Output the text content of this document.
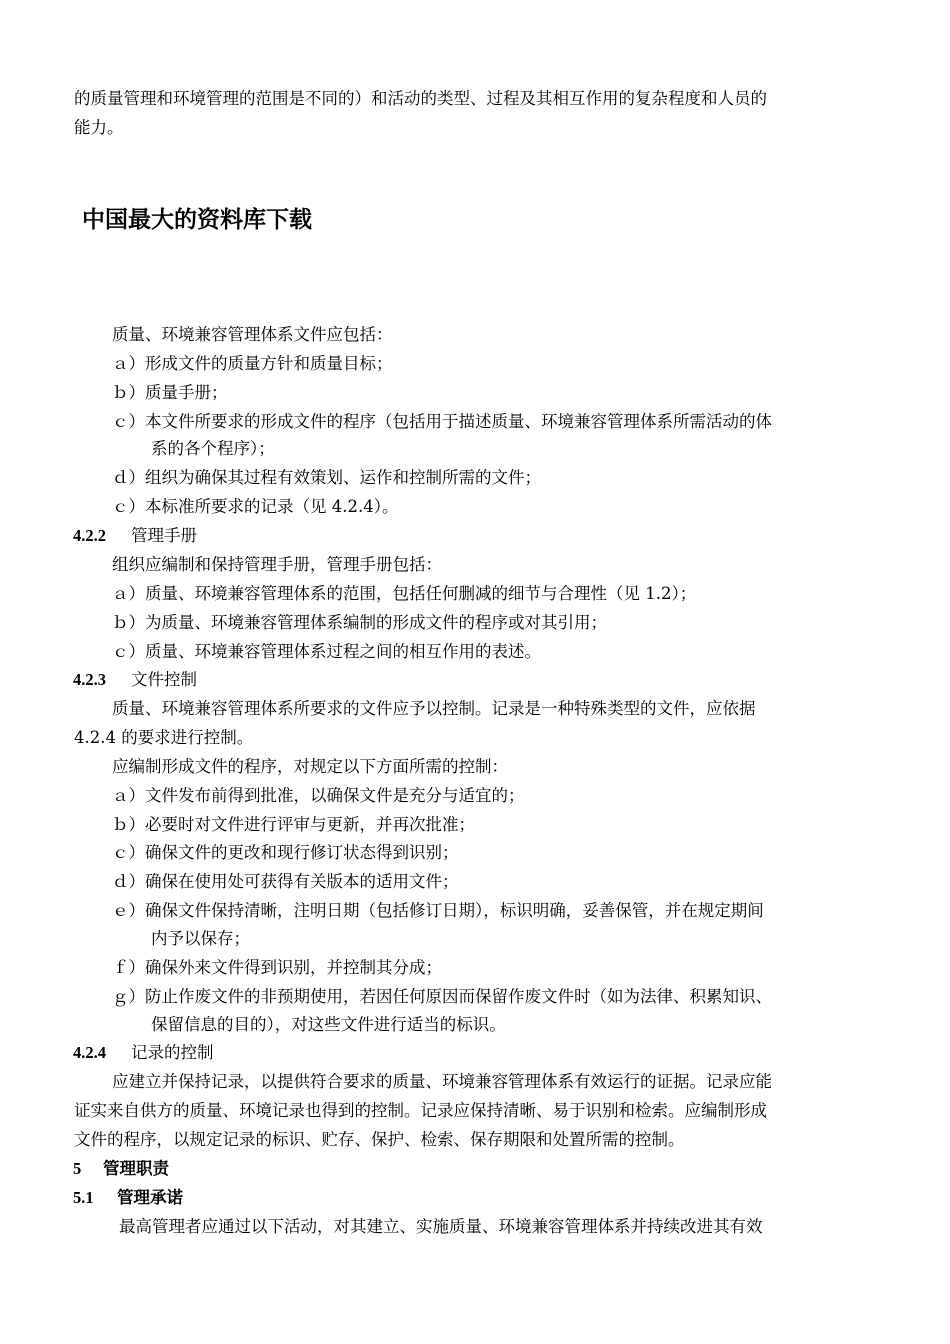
的质量管理和环境管理的范围是不同的）和活动的类型、过程及其相互作用的复杂程度和人员的
能力。
中国最大的资料库下载
质量、环境兼容管理体系文件应包括：
ａ）形成文件的质量方针和质量目标；
ｂ）质量手册；
ｃ）本文件所要求的形成文件的程序（包括用于描述质量、环境兼容管理体系所需活动的体
系的各个程序）；
ｄ）组织为确保其过程有效策划、运作和控制所需的文件；
ｃ）本标准所要求的记录（见 4.2.4）。
4.2.2 管理手册
组织应编制和保持管理手册，管理手册包括：
ａ）质量、环境兼容管理体系的范围，包括任何删减的细节与合理性（见 1.2）；
ｂ）为质量、环境兼容管理体系编制的形成文件的程序或对其引用；
ｃ）质量、环境兼容管理体系过程之间的相互作用的表述。
4.2.3 文件控制
质量、环境兼容管理体系所要求的文件应予以控制。记录是一种特殊类型的文件，应依据
4.2.4 的要求进行控制。
应编制形成文件的程序，对规定以下方面所需的控制：
ａ）文件发布前得到批准，以确保文件是充分与适宜的；
ｂ）必要时对文件进行评审与更新，并再次批准；
ｃ）确保文件的更改和现行修订状态得到识别；
ｄ）确保在使用处可获得有关版本的适用文件；
ｅ）确保文件保持清晰，注明日期（包括修订日期），标识明确，妥善保管，并在规定期间
内予以保存；
ｆ）确保外来文件得到识别，并控制其分成；
ｇ）防止作废文件的非预期使用，若因任何原因而保留作废文件时（如为法律、积累知识、
保留信息的目的），对这些文件进行适当的标识。
4.2.4 记录的控制
应建立并保持记录，以提供符合要求的质量、环境兼容管理体系有效运行的证据。记录应能
证实来自供方的质量、环境记录也得到的控制。记录应保持清晰、易于识别和检索。应编制形成
文件的程序，以规定记录的标识、贮存、保护、检索、保存期限和处置所需的控制。
5 管理职责
5.1 管理承诺
最高管理者应通过以下活动，对其建立、实施质量、环境兼容管理体系并持续改进其有效
